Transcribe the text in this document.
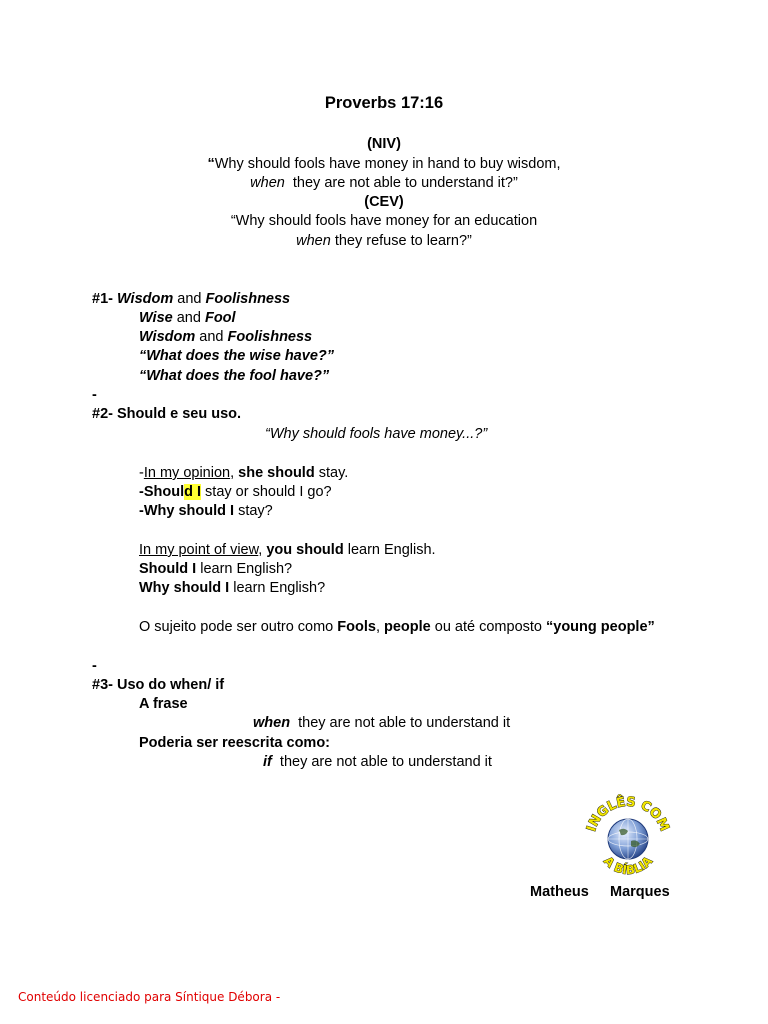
Proverbs 17:16
(NIV)
“Why should fools have money in hand to buy wisdom,
when  they are not able to understand it?”
(CEV)
“Why should fools have money for an education
when they refuse to learn?”
#1- Wisdom and Foolishness
Wise and Fool
Wisdom and Foolishness
“What does the wise have?”
“What does the fool have?”
-
#2- Should e seu uso.
“Why should fools have money...?”
-In my opinion, she should stay.
-Should I stay or should I go?
-Why should I stay?
In my point of view, you should learn English.
Should I learn English?
Why should I learn English?
O sujeito pode ser outro como Fools, people ou até composto “young people”
-
#3- Uso do when/ if
A frase
when  they are not able to understand it
Poderia ser reescrita como:
if  they are not able to understand it
INGLÊS COM
A BÍBLIA
Matheus Marques
Conteúdo licenciado para Síntique Débora -
